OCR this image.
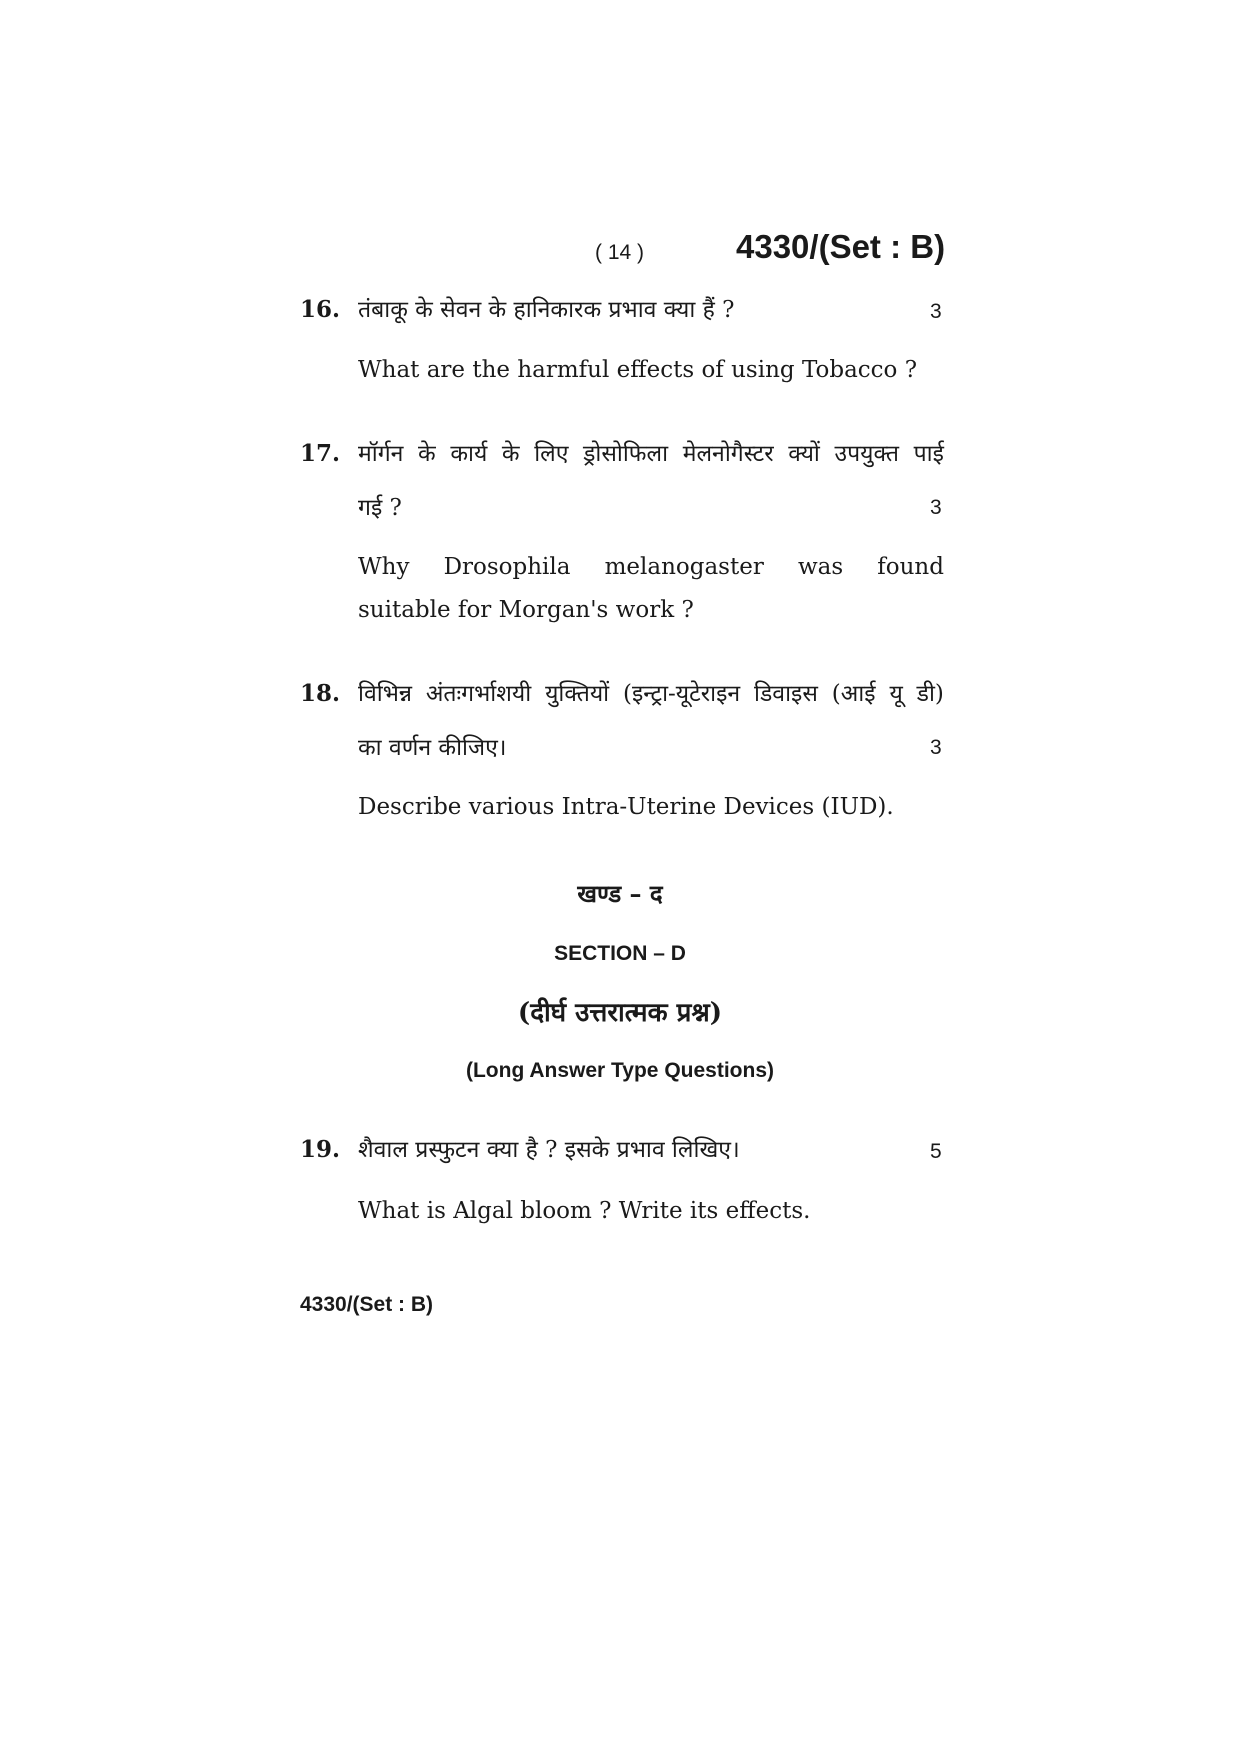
( 14 )	4330/(Set : B)
16. तंबाकू के सेवन के हानिकारक प्रभाव क्या हैं ?	3
What are the harmful effects of using Tobacco ?
17. मॉर्गन के कार्य के लिए ड्रोसोफिला मेलनोगैस्टर क्यों उपयुक्त पाई
गई ?	3
Why Drosophila melanogaster was found
suitable for Morgan's work ?
18. विभिन्न अंतःगर्भाशयी युक्तियों (इन्ट्रा-यूटेराइन डिवाइस (आई यू डी)
का वर्णन कीजिए।	3
Describe various Intra-Uterine Devices (IUD).
खण्ड – द
SECTION – D
(दीर्घ उत्तरात्मक प्रश्न)
(Long Answer Type Questions)
19. शैवाल प्रस्फुटन क्या है ? इसके प्रभाव लिखिए।	5
What is Algal bloom ? Write its effects.
4330/(Set : B)
